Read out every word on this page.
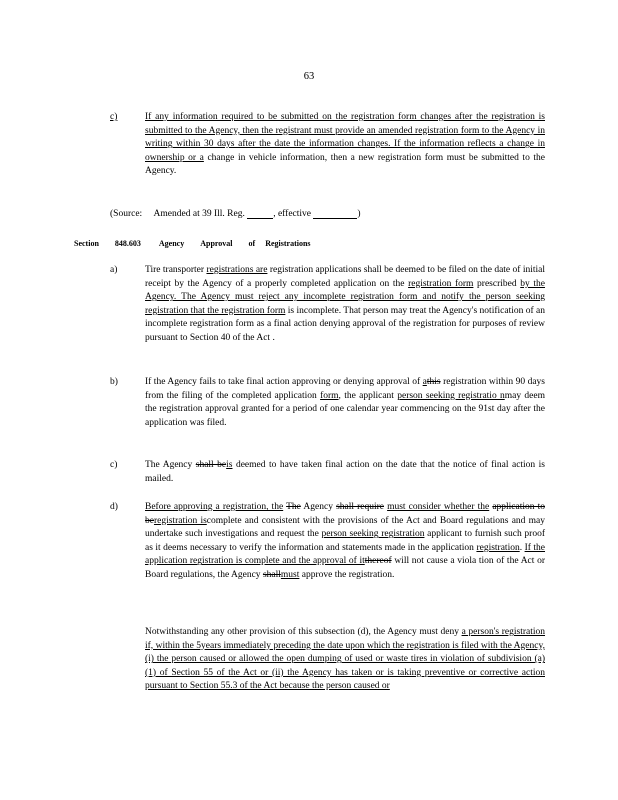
63
c)	If any information required to be submitted on the registration form changes after the registration is submitted to the Agency, then the registrant must provide an amended registration form to the Agency in writing within 30 days after the date the information changes. If the information reflects a change in ownership or a change in vehicle information, then a new registration form must be submitted to the Agency.
(Source: Amended at 39 Ill. Reg.	, effective	)
Section 848.603 Agency Approval of Registrations
a)	Tire transporter registrations are registration applications shall be deemed to be filed on the date of initial receipt by the Agency of a properly completed application on the registration form prescribed by the Agency. The Agency must reject any incomplete registration form and notify the person seeking registration that the registration form is incomplete. That person may treat the Agency's notification of an incomplete registration form as a final action denying approval of the registration for purposes of review pursuant to Section 40 of the Act .
b)	If the Agency fails to take final action approving or denying approval of athis registration within 90 days from the filing of the completed application form, the applicant person seeking registratio nmay deem the registration approval granted for a period of one calendar year commencing on the 91st day after the application was filed.
c)	The Agency shall beis deemed to have taken final action on the date that the notice of final action is mailed.
d)	Before approving a registration, the The Agency shall require must consider whether the application to beregistration iscomplete and consistent with the provisions of the Act and Board regulations and may undertake such investigations and request the person seeking registration applicant to furnish such proof as it deems necessary to verify the information and statements made in the application registration. If the application registration is complete and the approval of itthereof will not cause a viola tion of the Act or Board regulations, the Agency shallmust approve the registration.
Notwithstanding any other provision of this subsection (d), the Agency must deny a person's registration if, within the 5years immediately preceding the date upon which the registration is filed with the Agency, (i) the person caused or allowed the open dumping of used or waste tires in violation of subdivision (a)(1) of Section 55 of the Act or (ii) the Agency has taken or is taking preventive or corrective action pursuant to Section 55.3 of the Act because the person caused or
